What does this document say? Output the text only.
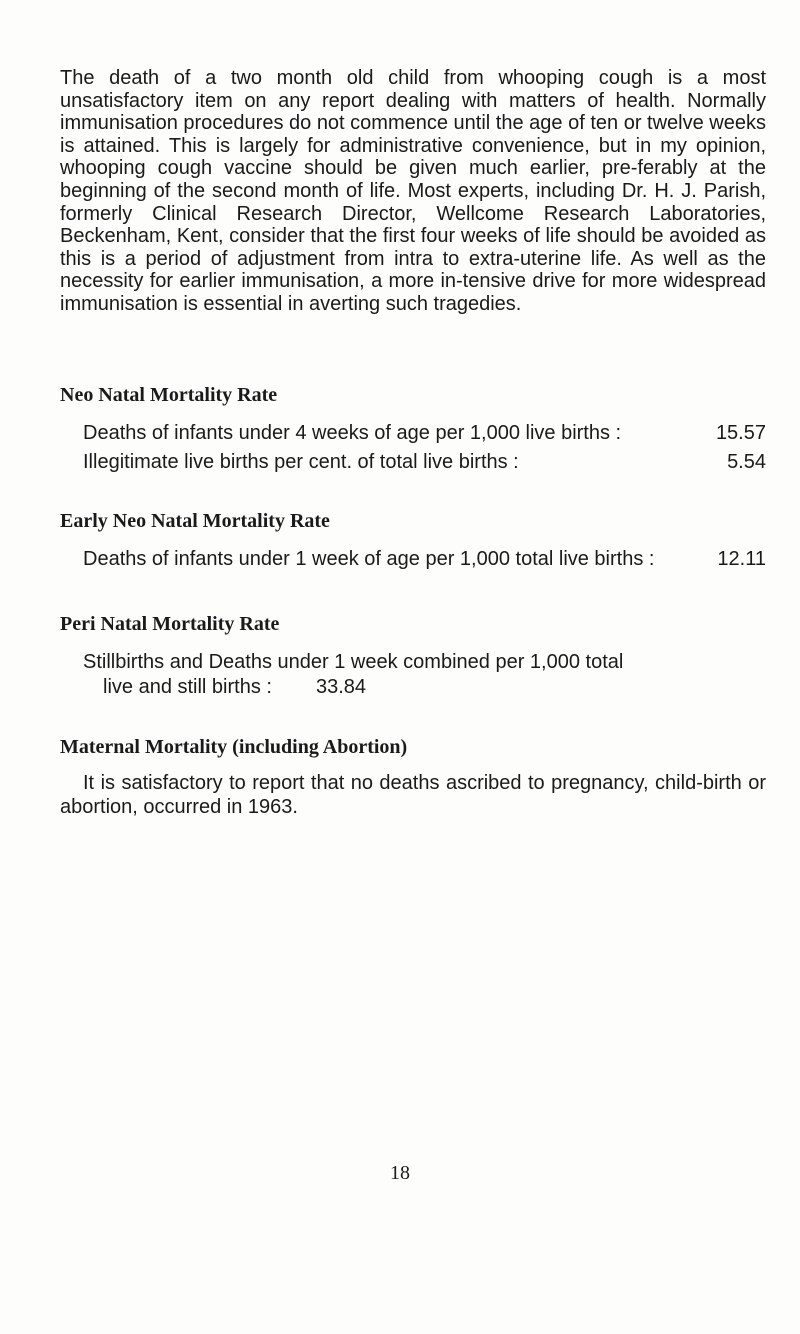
The death of a two month old child from whooping cough is a most unsatisfactory item on any report dealing with matters of health. Normally immunisation procedures do not commence until the age of ten or twelve weeks is attained. This is largely for administrative convenience, but in my opinion, whooping cough vaccine should be given much earlier, pre-ferably at the beginning of the second month of life. Most experts, including Dr. H. J. Parish, formerly Clinical Research Director, Wellcome Research Laboratories, Beckenham, Kent, consider that the first four weeks of life should be avoided as this is a period of adjustment from intra to extra-uterine life. As well as the necessity for earlier immunisation, a more in-tensive drive for more widespread immunisation is essential in averting such tragedies.

Neo Natal Mortality Rate
Deaths of infants under 4 weeks of age per 1,000 live births :	15.57
Illegitimate live births per cent. of total live births :	5.54
Early Neo Natal Mortality Rate
Deaths of infants under 1 week of age per 1,000 total live births :	12.11
Peri Natal Mortality Rate
Stillbirths and Deaths under 1 week combined per 1,000 total
live and still births : 33.84
Maternal Mortality (including Abortion)

It is satisfactory to report that no deaths ascribed to pregnancy, child-birth or abortion, occurred in 1963.

18
